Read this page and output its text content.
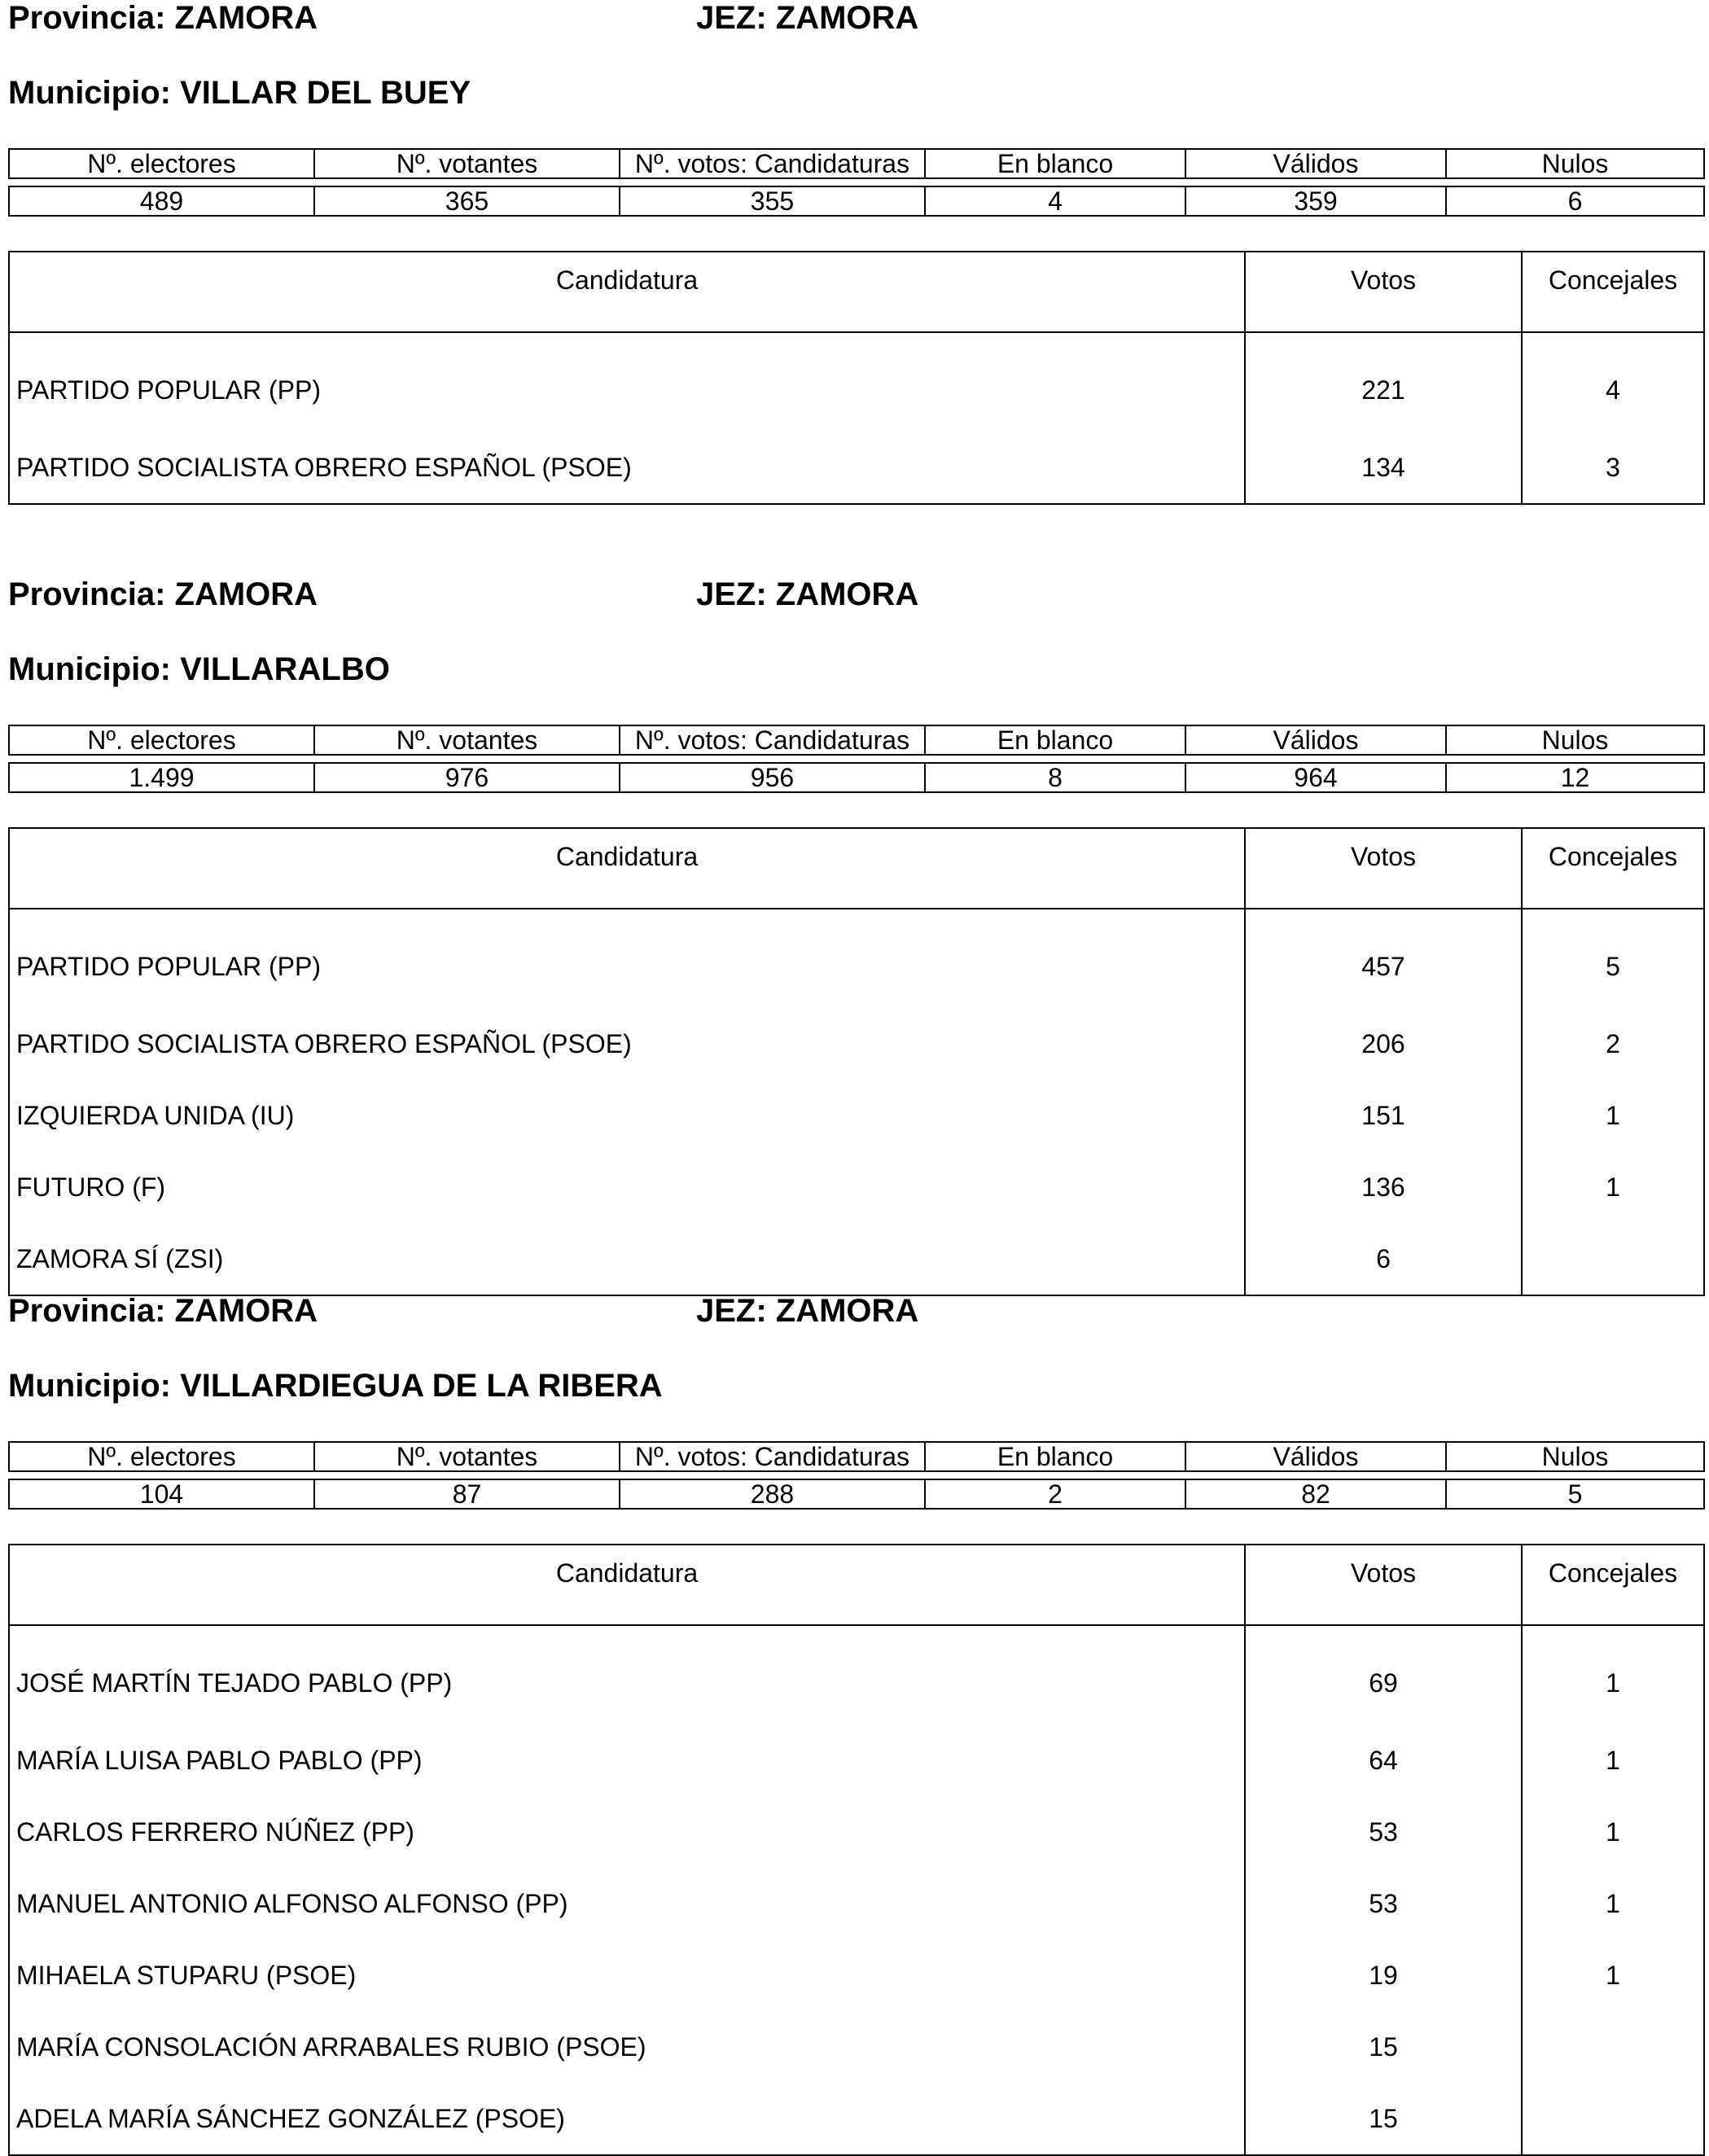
Provincia: ZAMORA	JEZ: ZAMORA
Municipio: VILLAR DEL BUEY
Nº. electores	Nº. votantes	Nº. votos: Candidaturas	En blanco	Válidos	Nulos

489	365	355	4	359	6
Candidatura	Votos	Concejales
PARTIDO POPULAR (PP)	221	4
PARTIDO SOCIALISTA OBRERO ESPAÑOL (PSOE)	134	3
Provincia: ZAMORA	JEZ: ZAMORA
Municipio: VILLARALBO
Nº. electores	Nº. votantes	Nº. votos: Candidaturas	En blanco	Válidos	Nulos

1.499	976	956	8	964	12
Candidatura	Votos	Concejales
PARTIDO POPULAR (PP)	457	5
PARTIDO SOCIALISTA OBRERO ESPAÑOL (PSOE)	206	2
IZQUIERDA UNIDA (IU)	151	1
FUTURO (F)	136	1
ZAMORA SÍ (ZSI)	6	
Provincia: ZAMORA	JEZ: ZAMORA
Municipio: VILLARDIEGUA DE LA RIBERA
Nº. electores	Nº. votantes	Nº. votos: Candidaturas	En blanco	Válidos	Nulos

104	87	288	2	82	5
Candidatura	Votos	Concejales
JOSÉ MARTÍN TEJADO PABLO (PP)	69	1
MARÍA LUISA PABLO PABLO (PP)	64	1
CARLOS FERRERO NÚÑEZ (PP)	53	1
MANUEL ANTONIO ALFONSO ALFONSO (PP)	53	1
MIHAELA STUPARU (PSOE)	19	1
MARÍA CONSOLACIÓN ARRABALES RUBIO (PSOE)	15	
ADELA MARÍA SÁNCHEZ GONZÁLEZ (PSOE)	15	
